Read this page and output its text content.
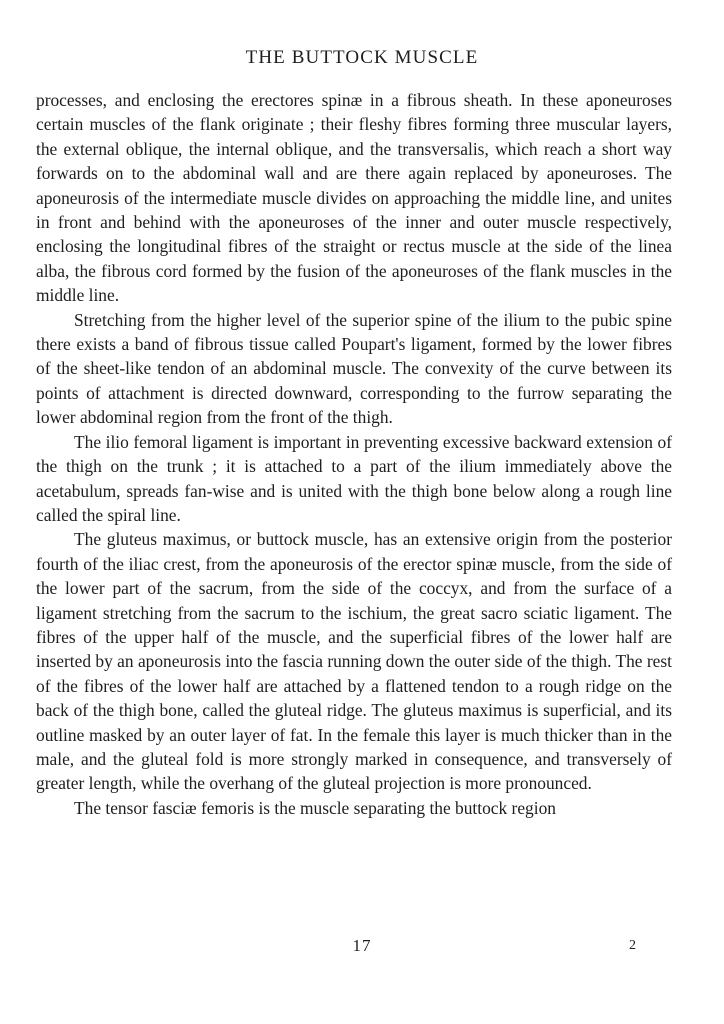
THE BUTTOCK MUSCLE

processes, and enclosing the erectores spinæ in a fibrous sheath. In these aponeuroses certain muscles of the flank originate ; their fleshy fibres forming three muscular layers, the external oblique, the internal oblique, and the transversalis, which reach a short way forwards on to the abdominal wall and are there again replaced by aponeuroses. The aponeurosis of the intermediate muscle divides on approaching the middle line, and unites in front and behind with the aponeuroses of the inner and outer muscle respectively, enclosing the longitudinal fibres of the straight or rectus muscle at the side of the linea alba, the fibrous cord formed by the fusion of the aponeuroses of the flank muscles in the middle line.

Stretching from the higher level of the superior spine of the ilium to the pubic spine there exists a band of fibrous tissue called Poupart's ligament, formed by the lower fibres of the sheet-like tendon of an abdominal muscle. The convexity of the curve between its points of attachment is directed downward, corresponding to the furrow separating the lower abdominal region from the front of the thigh.

The ilio femoral ligament is important in preventing excessive backward extension of the thigh on the trunk ; it is attached to a part of the ilium immediately above the acetabulum, spreads fan-wise and is united with the thigh bone below along a rough line called the spiral line.

The gluteus maximus, or buttock muscle, has an extensive origin from the posterior fourth of the iliac crest, from the aponeurosis of the erector spinæ muscle, from the side of the lower part of the sacrum, from the side of the coccyx, and from the surface of a ligament stretching from the sacrum to the ischium, the great sacro sciatic ligament. The fibres of the upper half of the muscle, and the superficial fibres of the lower half are inserted by an aponeurosis into the fascia running down the outer side of the thigh. The rest of the fibres of the lower half are attached by a flattened tendon to a rough ridge on the back of the thigh bone, called the gluteal ridge. The gluteus maximus is superficial, and its outline masked by an outer layer of fat. In the female this layer is much thicker than in the male, and the gluteal fold is more strongly marked in consequence, and transversely of greater length, while the overhang of the gluteal projection is more pronounced.

The tensor fasciæ femoris is the muscle separating the buttock region

17	2
